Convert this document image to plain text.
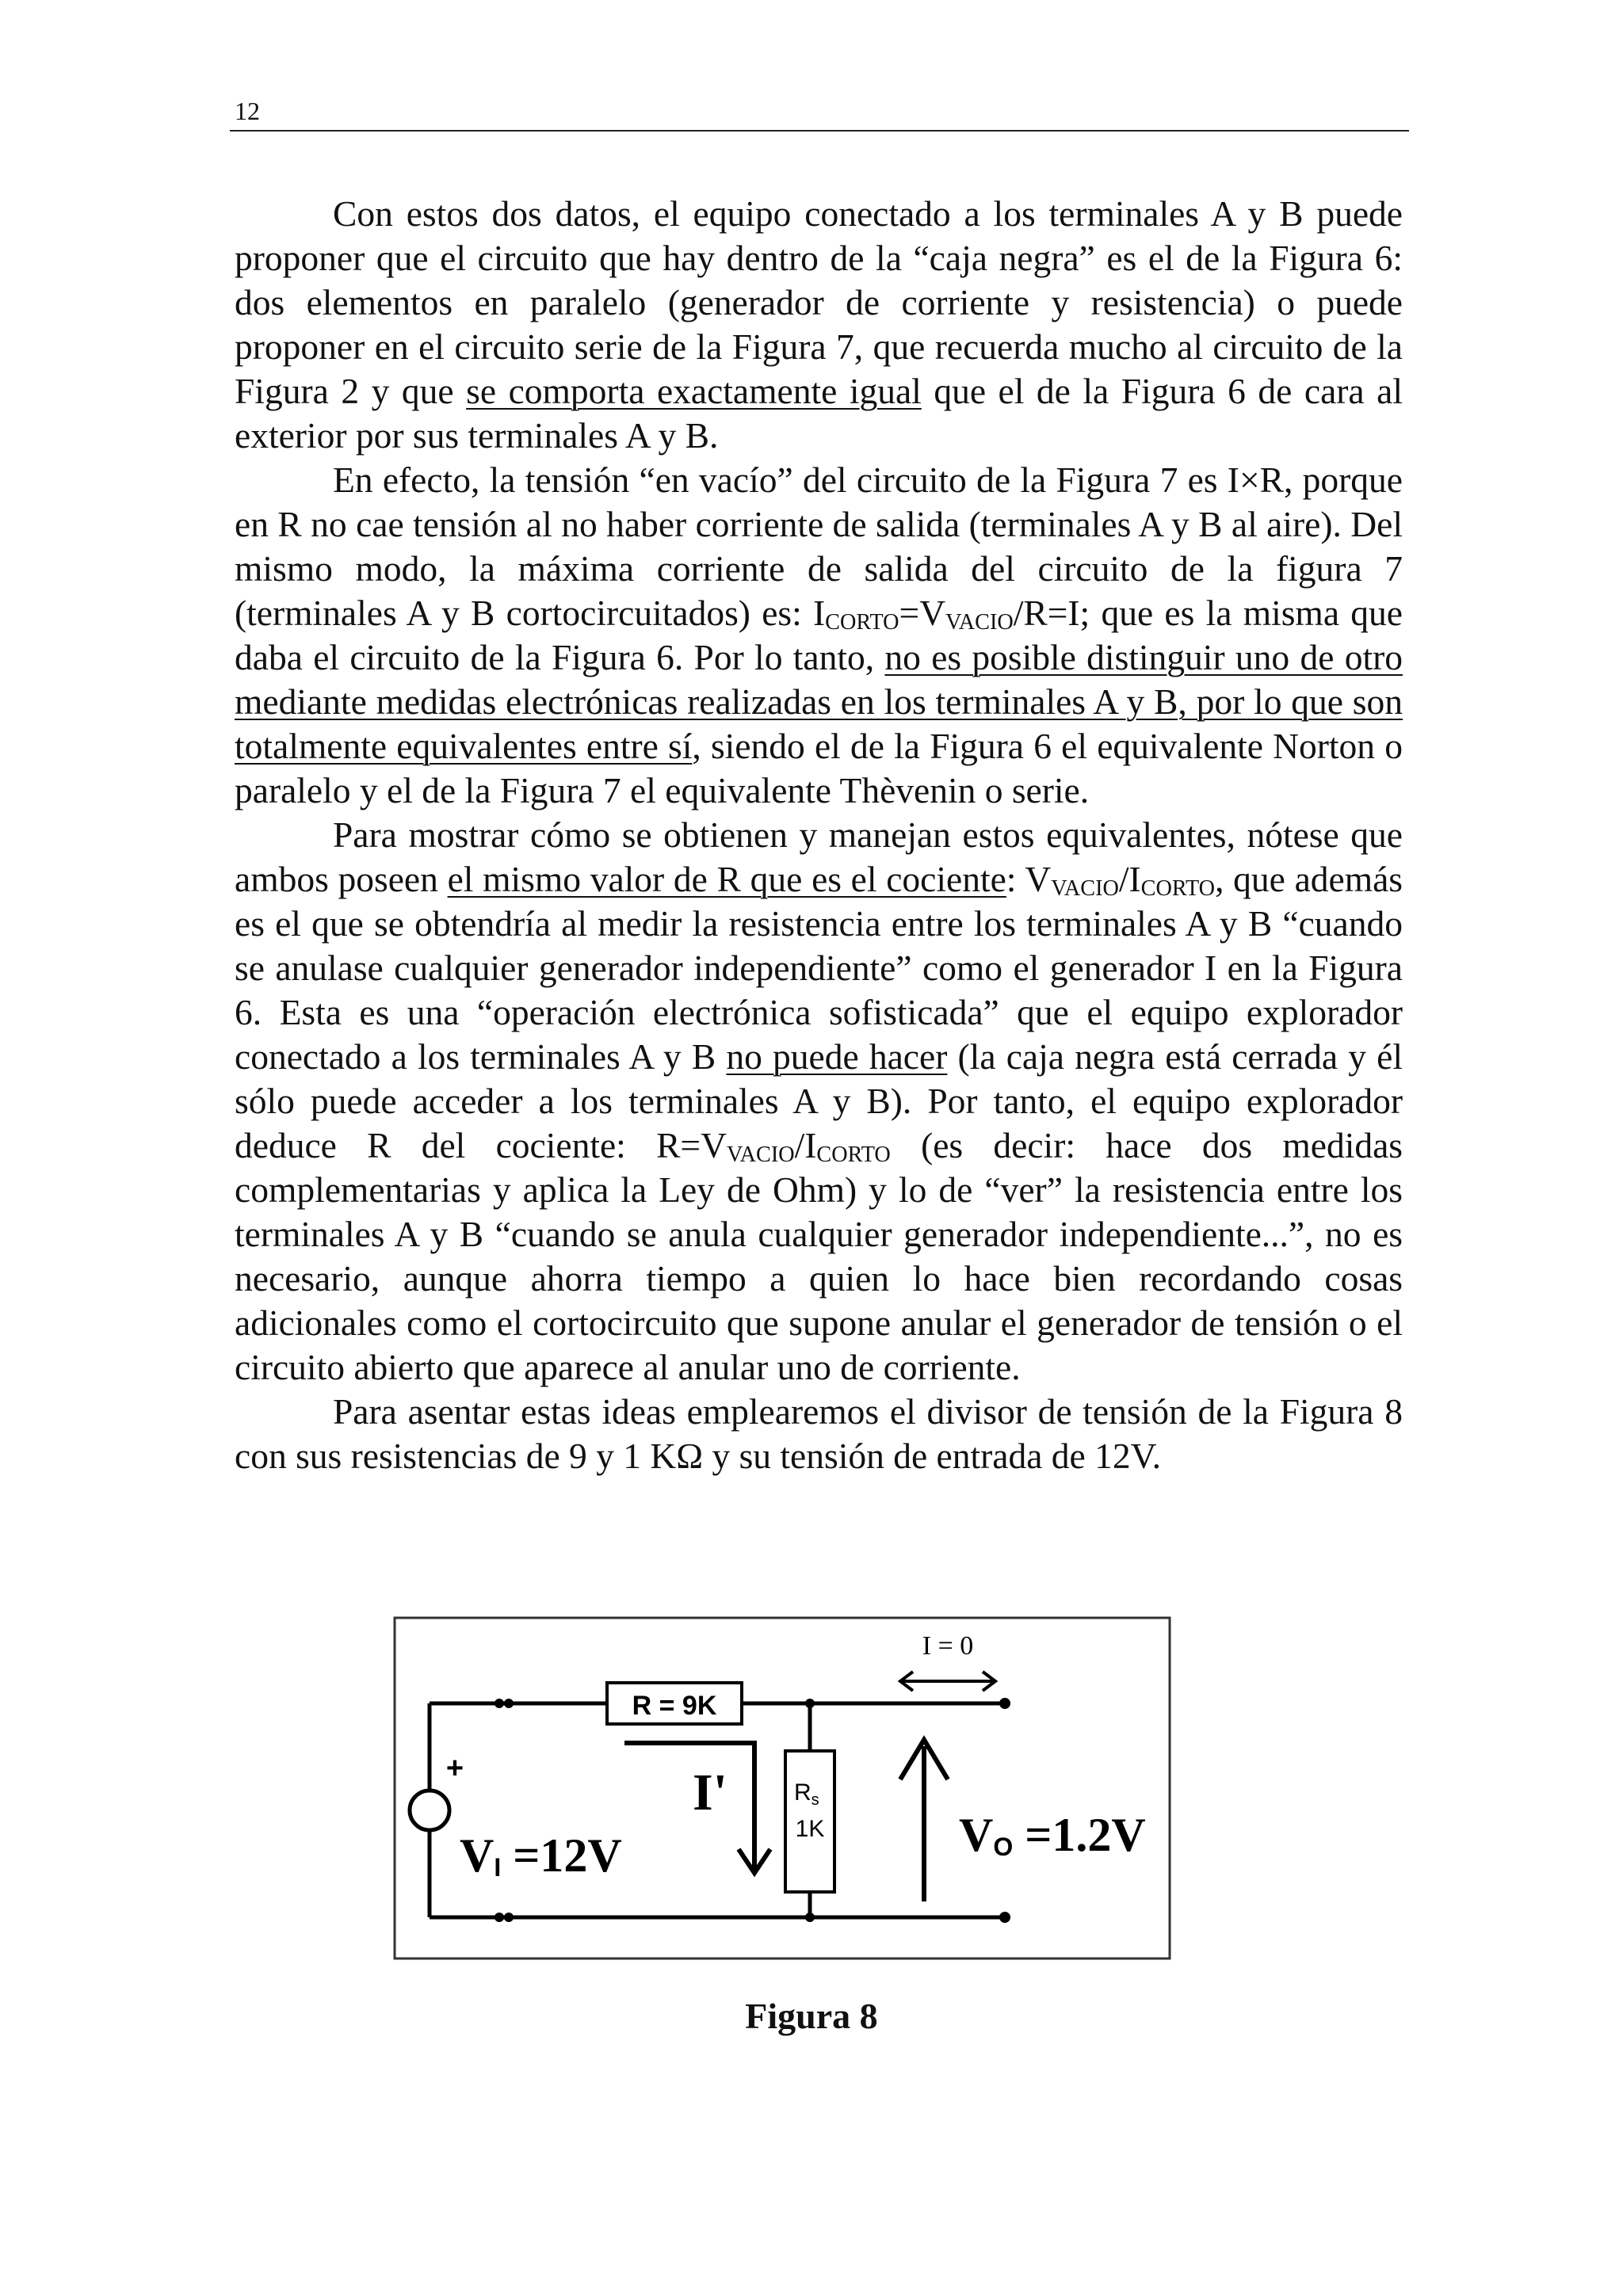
12

Con estos dos datos, el equipo conectado a los terminales A y B puede proponer que el circuito que hay dentro de la “caja negra” es el de la Figura 6: dos elementos en paralelo (generador de corriente y resistencia) o puede proponer en el circuito serie de la Figura 7, que recuerda mucho al circuito de la Figura 2 y que se comporta exactamente igual que el de la Figura 6 de cara al exterior por sus terminales A y B.

En efecto, la tensión “en vacío” del circuito de la Figura 7 es I×R, porque en R no cae tensión al no haber corriente de salida (terminales A y B al aire). Del mismo modo, la máxima corriente de salida del circuito de la figura 7 (terminales A y B cortocircuitados) es: $I_{CORTO}=V_{VACIO}/R=I$; que es la misma que daba el circuito de la Figura 6. Por lo tanto, no es posible distinguir uno de otro mediante medidas electrónicas realizadas en los terminales A y B, por lo que son totalmente equivalentes entre sí, siendo el de la Figura 6 el equivalente Norton o paralelo y el de la Figura 7 el equivalente Thèvenin o serie.

Para mostrar cómo se obtienen y manejan estos equivalentes, nótese que ambos poseen el mismo valor de R que es el cociente: $V_{VACIO}/I_{CORTO}$, que además es el que se obtendría al medir la resistencia entre los terminales A y B “cuando se anulase cualquier generador independiente” como el generador I en la Figura 6. Esta es una “operación electrónica sofisticada” que el equipo explorador conectado a los terminales A y B no puede hacer (la caja negra está cerrada y él sólo puede acceder a los terminales A y B). Por tanto, el equipo explorador deduce R del cociente: $R=V_{VACIO}/I_{CORTO}$ (es decir: hace dos medidas complementarias y aplica la Ley de Ohm) y lo de “ver” la resistencia entre los terminales A y B “cuando se anula cualquier generador independiente...”, no es necesario, aunque ahorra tiempo a quien lo hace bien recordando cosas adicionales como el cortocircuito que supone anular el generador de tensión o el circuito abierto que aparece al anular uno de corriente.

Para asentar estas ideas emplearemos el divisor de tensión de la Figura 8 con sus resistencias de 9 y 1 KΩ y su tensión de entrada de 12V.

I = 0
R = 9K
+
VI =12V
I'	$R_s$
1K	VO =1.2V
Figura 8
